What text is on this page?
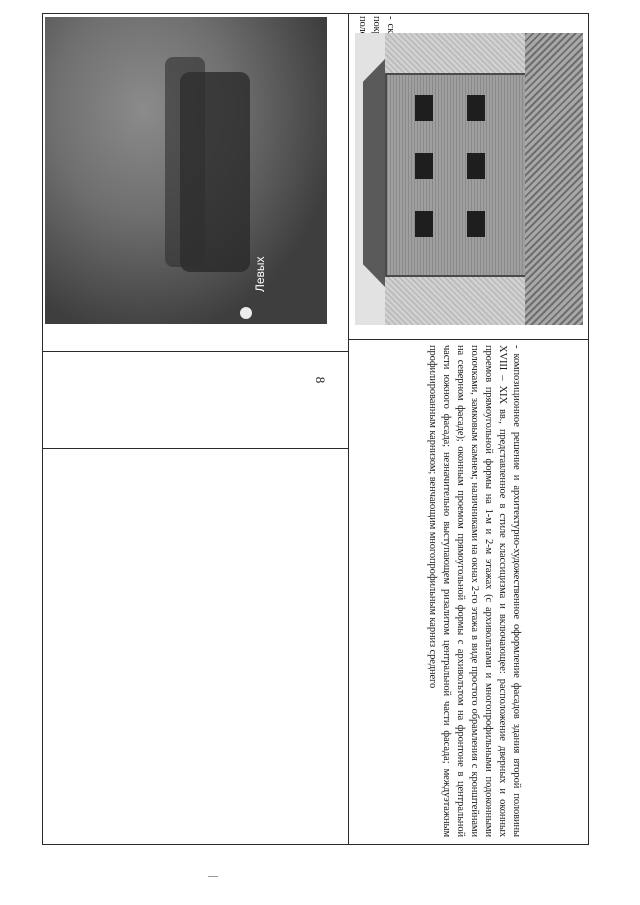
8	- композиционное решение и архитектурно-художественное оформление фасадов здания второй половины XVIII – XIX вв., представленное в стиле классицизма и включающее: расположение дверных и оконных проемов прямоугольной формы на 1-м и 2-м этажах (с архивольтами и многопрофильными подоконными полочками, замковым камнем; наличниками на окнах 2-го этажа в виде простого обрамления с кронштейнами на северном фасаде); оконным проемом прямоугольной формы с архиволътом на фронтоне в центральной части южного фасада; незначительно выступающем ризалитом центральной части фасада; междуэтажным профилированным карнизом; венчающим многопрофильным карниз среднего

Левых
